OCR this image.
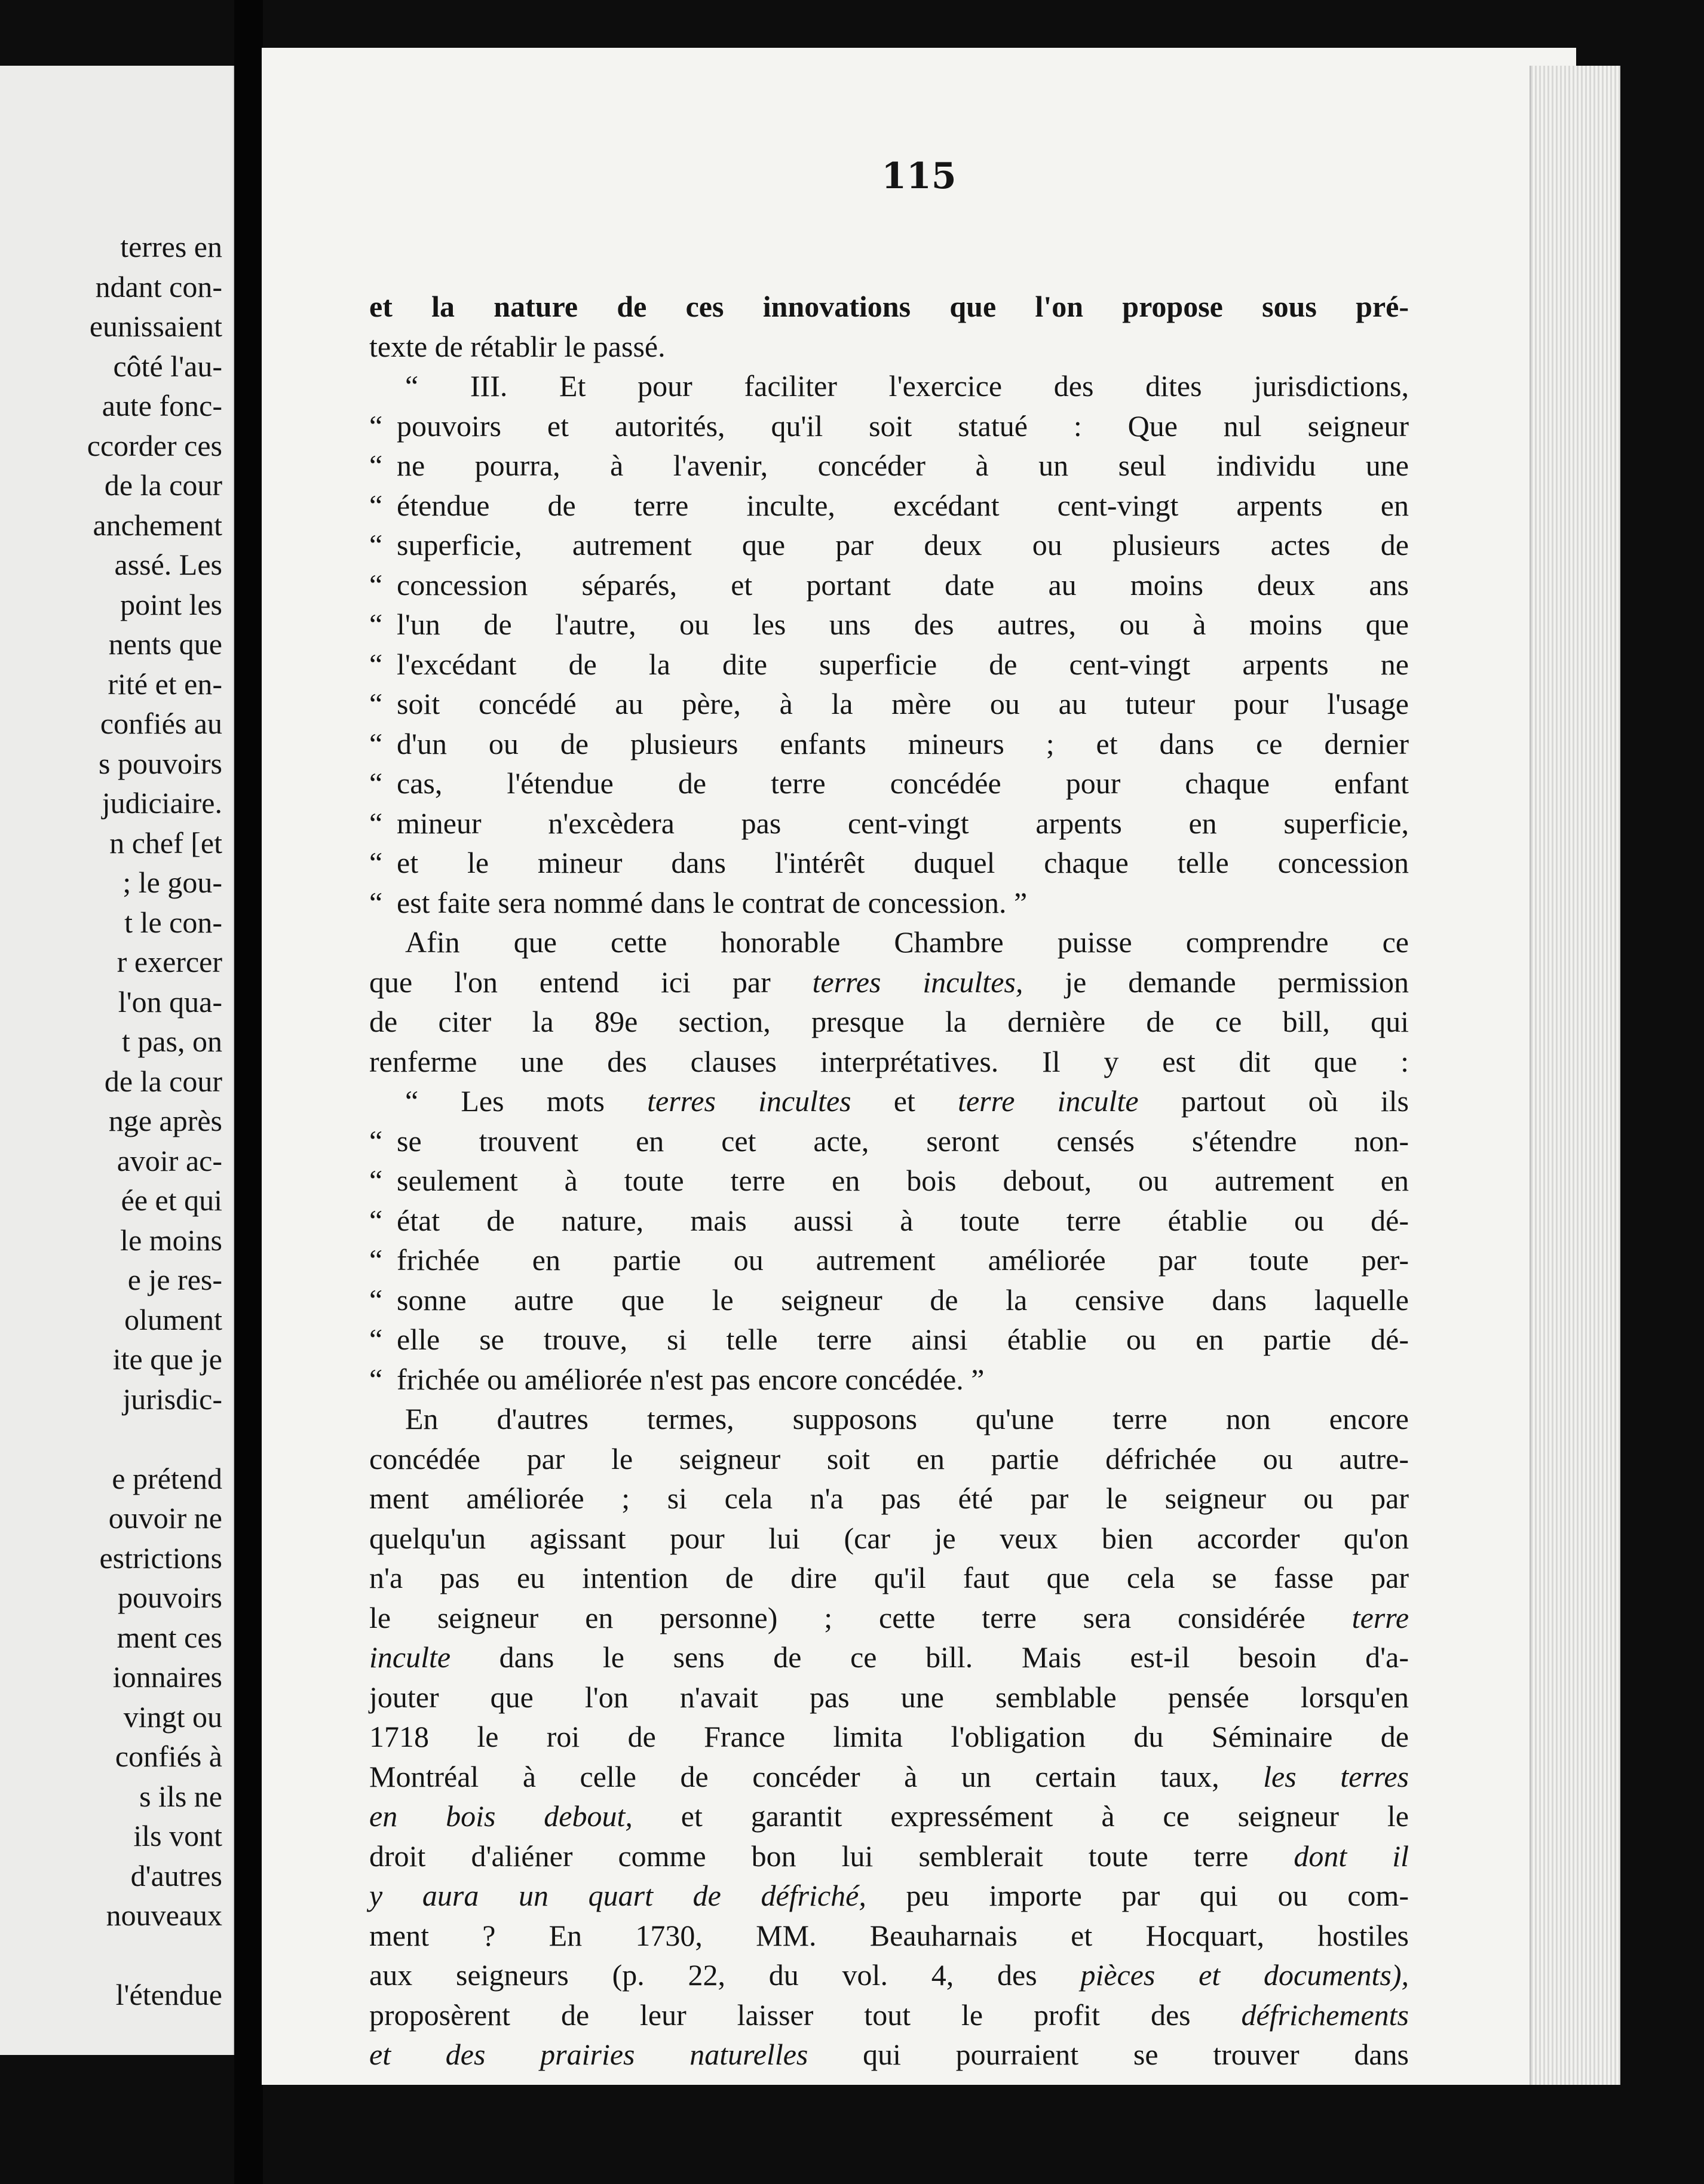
terres en
ndant con-
eunissaient
côté l'au-
aute fonc-
ccorder ces
de la cour
anchement
assé. Les
point les
nents que
rité et en-
confiés au
s pouvoirs
judiciaire.
n chef [et
; le gou-
t le con-
r exercer
l'on qua-
t pas, on
de la cour
nge après
avoir ac-
ée et qui
le moins
e je res-
olument
ite que je
jurisdic-
e prétend
ouvoir ne
estrictions
pouvoirs
ment ces
ionnaires
vingt ou
confiés à
s ils ne
ils vont
d'autres
nouveaux
l'étendue
115
et la nature de ces innovations que l'on propose sous pré-
texte de rétablir le passé.
“ III. Et pour faciliter l'exercice des dites jurisdictions,
“ pouvoirs et autorités, qu'il soit statué : Que nul seigneur
“ ne pourra, à l'avenir, concéder à un seul individu une
“ étendue de terre inculte, excédant cent-vingt arpents en
“ superficie, autrement que par deux ou plusieurs actes de
“ concession séparés, et portant date au moins deux ans
“ l'un de l'autre, ou les uns des autres, ou à moins que
“ l'excédant de la dite superficie de cent-vingt arpents ne
“ soit concédé au père, à la mère ou au tuteur pour l'usage
“ d'un ou de plusieurs enfants mineurs ; et dans ce dernier
“ cas, l'étendue de terre concédée pour chaque enfant
“ mineur n'excèdera pas cent-vingt arpents en superficie,
“ et le mineur dans l'intérêt duquel chaque telle concession
“ est faite sera nommé dans le contrat de concession. ”
Afin que cette honorable Chambre puisse comprendre ce
que l'on entend ici par terres incultes, je demande permission
de citer la 89e section, presque la dernière de ce bill, qui
renferme une des clauses interprétatives. Il y est dit que :
“ Les mots terres incultes et terre inculte partout où ils
“ se trouvent en cet acte, seront censés s'étendre non-
“ seulement à toute terre en bois debout, ou autrement en
“ état de nature, mais aussi à toute terre établie ou dé-
“ frichée en partie ou autrement améliorée par toute per-
“ sonne autre que le seigneur de la censive dans laquelle
“ elle se trouve, si telle terre ainsi établie ou en partie dé-
“ frichée ou améliorée n'est pas encore concédée. ”
En d'autres termes, supposons qu'une terre non encore
concédée par le seigneur soit en partie défrichée ou autre-
ment améliorée ; si cela n'a pas été par le seigneur ou par
quelqu'un agissant pour lui (car je veux bien accorder qu'on
n'a pas eu intention de dire qu'il faut que cela se fasse par
le seigneur en personne) ; cette terre sera considérée terre
inculte dans le sens de ce bill. Mais est-il besoin d'a-
jouter que l'on n'avait pas une semblable pensée lorsqu'en
1718 le roi de France limita l'obligation du Séminaire de
Montréal à celle de concéder à un certain taux, les terres
en bois debout, et garantit expressément à ce seigneur le
droit d'aliéner comme bon lui semblerait toute terre dont il
y aura un quart de défriché, peu importe par qui ou com-
ment ? En 1730, MM. Beauharnais et Hocquart, hostiles
aux seigneurs (p. 22, du vol. 4, des pièces et documents),
proposèrent de leur laisser tout le profit des défrichements
et des prairies naturelles qui pourraient se trouver dans
